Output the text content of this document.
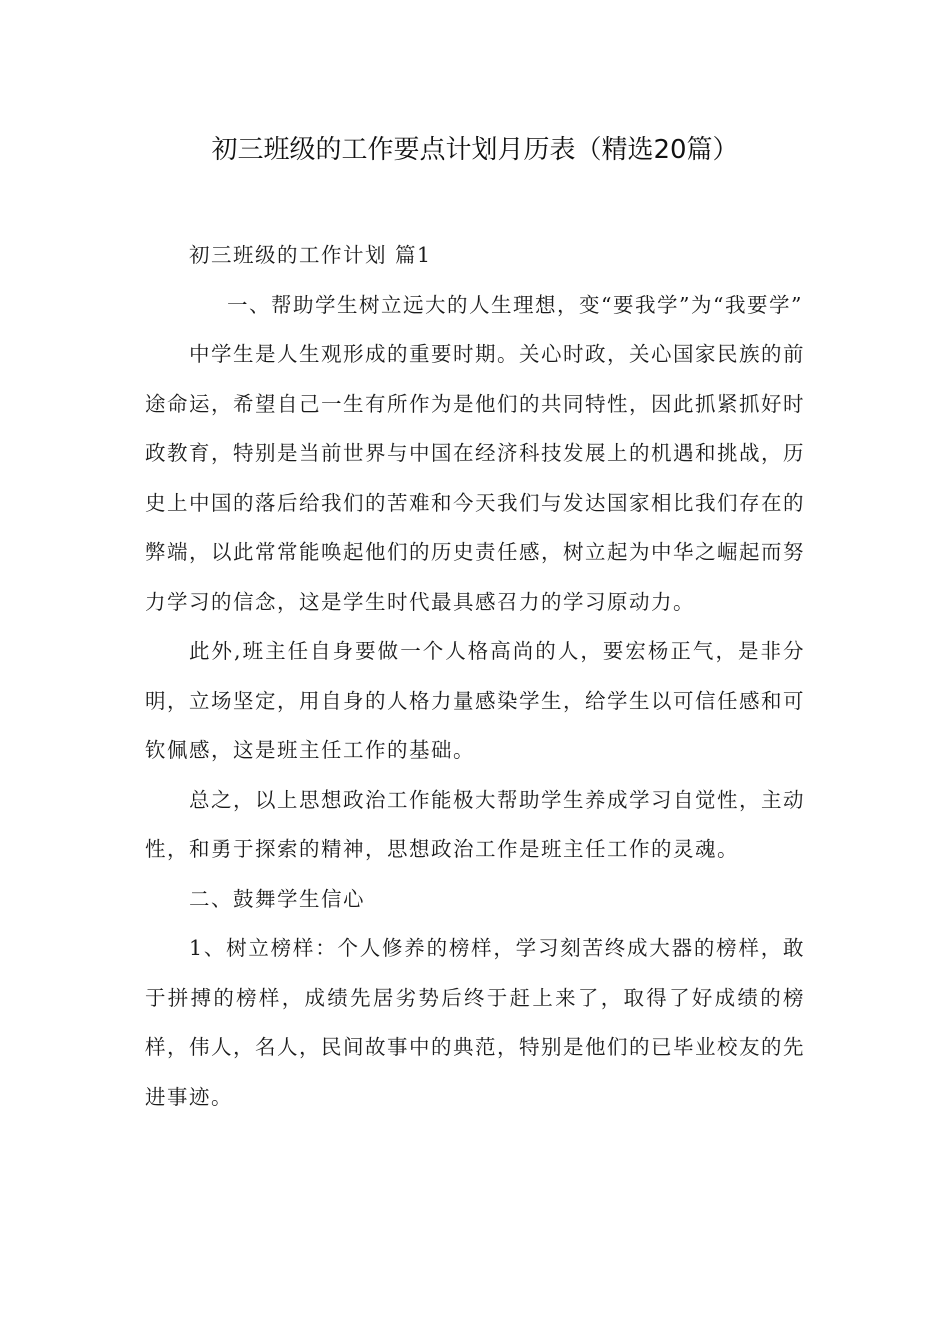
初三班级的工作要点计划月历表（精选20篇）

初三班级的工作计划 篇1

一、帮助学生树立远大的人生理想，变“要我学”为“我要学”

中学生是人生观形成的重要时期。关心时政，关心国家民族的前途命运，希望自己一生有所作为是他们的共同特性，因此抓紧抓好时政教育，特别是当前世界与中国在经济科技发展上的机遇和挑战，历史上中国的落后给我们的苦难和今天我们与发达国家相比我们存在的弊端，以此常常能唤起他们的历史责任感，树立起为中华之崛起而努力学习的信念，这是学生时代最具感召力的学习原动力。

此外,班主任自身要做一个人格高尚的人，要宏杨正气，是非分明，立场坚定，用自身的人格力量感染学生，给学生以可信任感和可钦佩感，这是班主任工作的基础。

总之，以上思想政治工作能极大帮助学生养成学习自觉性，主动性，和勇于探索的精神，思想政治工作是班主任工作的灵魂。

二、鼓舞学生信心

1、树立榜样：个人修养的榜样，学习刻苦终成大器的榜样，敢于拼搏的榜样，成绩先居劣势后终于赶上来了，取得了好成绩的榜样，伟人，名人，民间故事中的典范，特别是他们的已毕业校友的先进事迹。
